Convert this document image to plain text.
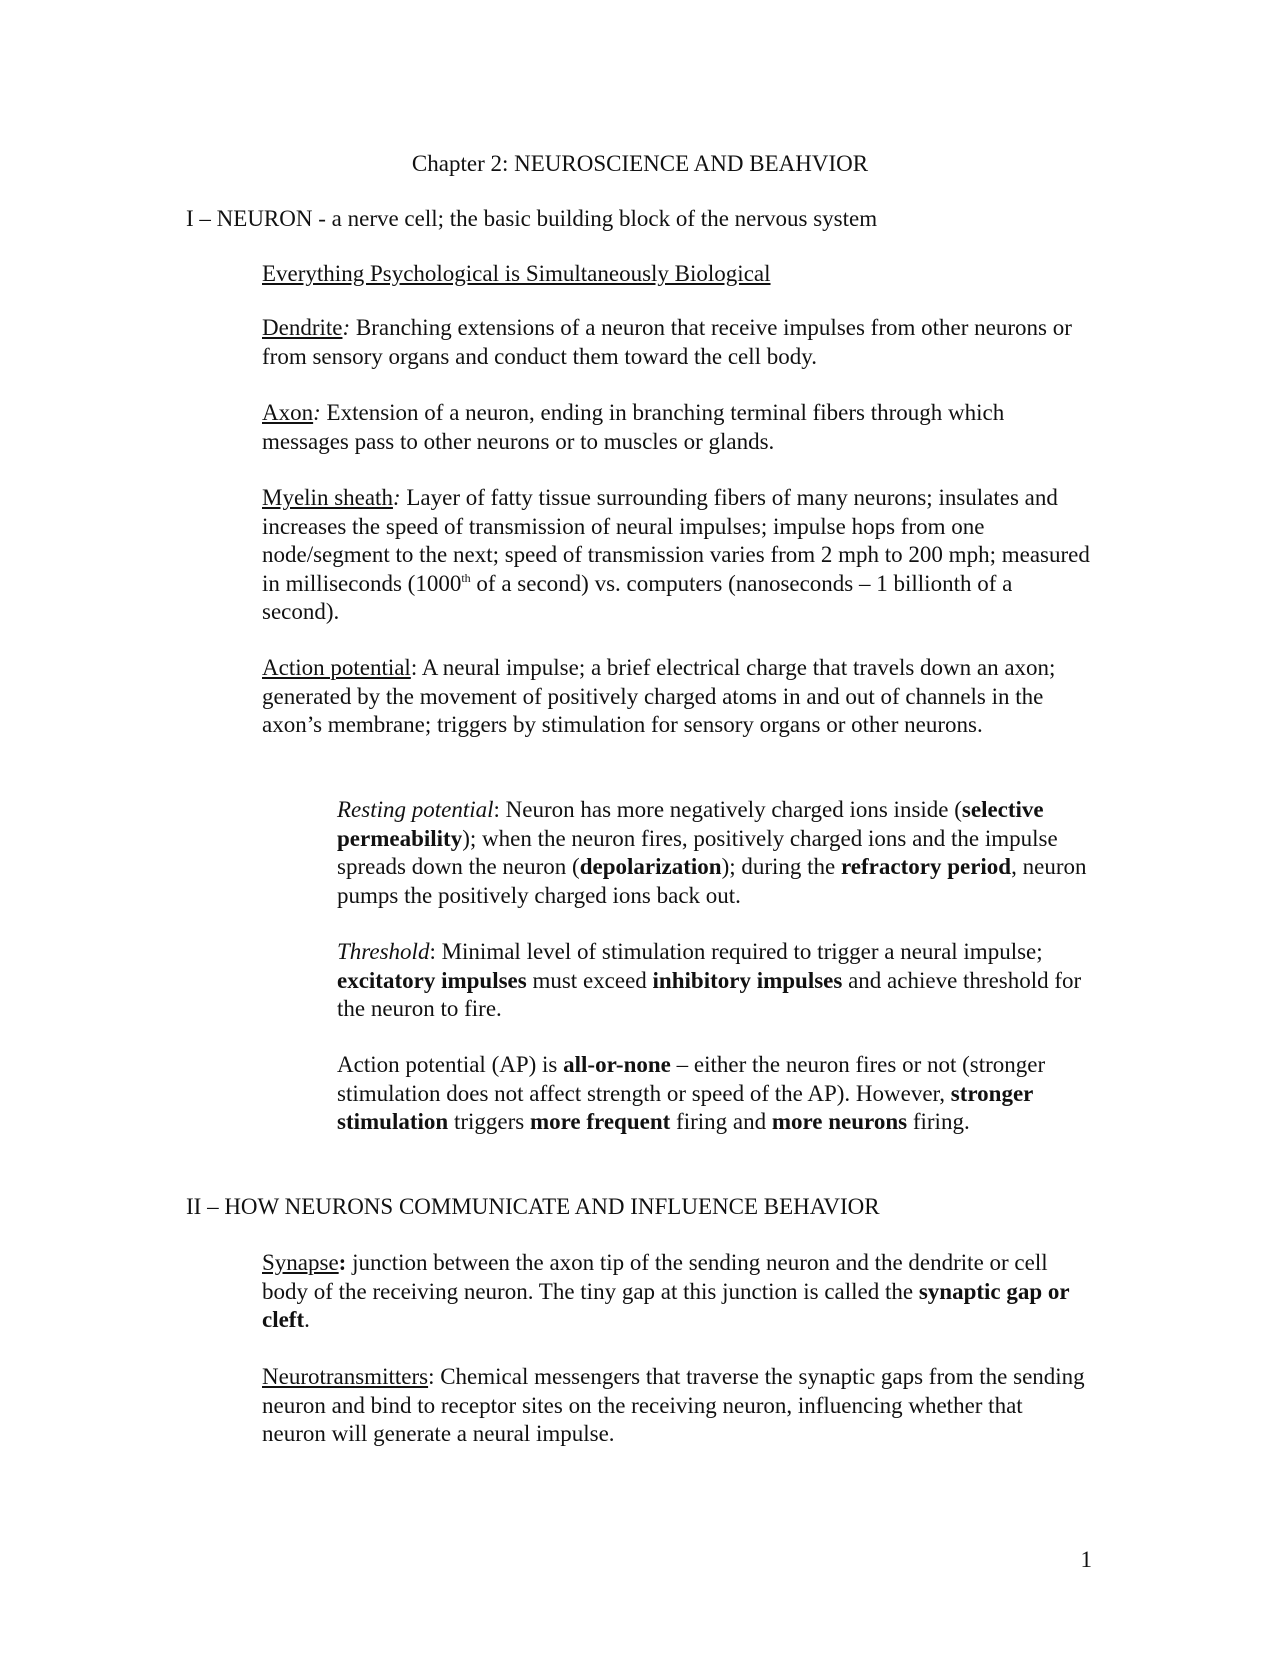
Chapter 2: NEUROSCIENCE AND BEAHVIOR
I – NEURON - a nerve cell; the basic building block of the nervous system

Everything Psychological is Simultaneously Biological

Dendrite: Branching extensions of a neuron that receive impulses from other neurons or from sensory organs and conduct them toward the cell body.

Axon: Extension of a neuron, ending in branching terminal fibers through which messages pass to other neurons or to muscles or glands.

Myelin sheath: Layer of fatty tissue surrounding fibers of many neurons; insulates and increases the speed of transmission of neural impulses; impulse hops from one node/segment to the next; speed of transmission varies from 2 mph to 200 mph; measured in milliseconds (1000th of a second) vs. computers (nanoseconds – 1 billionth of a second).

Action potential: A neural impulse; a brief electrical charge that travels down an axon; generated by the movement of positively charged atoms in and out of channels in the axon’s membrane; triggers by stimulation for sensory organs or other neurons.

Resting potential: Neuron has more negatively charged ions inside (selective permeability); when the neuron fires, positively charged ions and the impulse spreads down the neuron (depolarization); during the refractory period, neuron pumps the positively charged ions back out.

Threshold: Minimal level of stimulation required to trigger a neural impulse; excitatory impulses must exceed inhibitory impulses and achieve threshold for the neuron to fire.

Action potential (AP) is all-or-none – either the neuron fires or not (stronger stimulation does not affect strength or speed of the AP). However, stronger stimulation triggers more frequent firing and more neurons firing.

II – HOW NEURONS COMMUNICATE AND INFLUENCE BEHAVIOR

Synapse: junction between the axon tip of the sending neuron and the dendrite or cell body of the receiving neuron. The tiny gap at this junction is called the synaptic gap or cleft.

Neurotransmitters: Chemical messengers that traverse the synaptic gaps from the sending neuron and bind to receptor sites on the receiving neuron, influencing whether that neuron will generate a neural impulse.

1
